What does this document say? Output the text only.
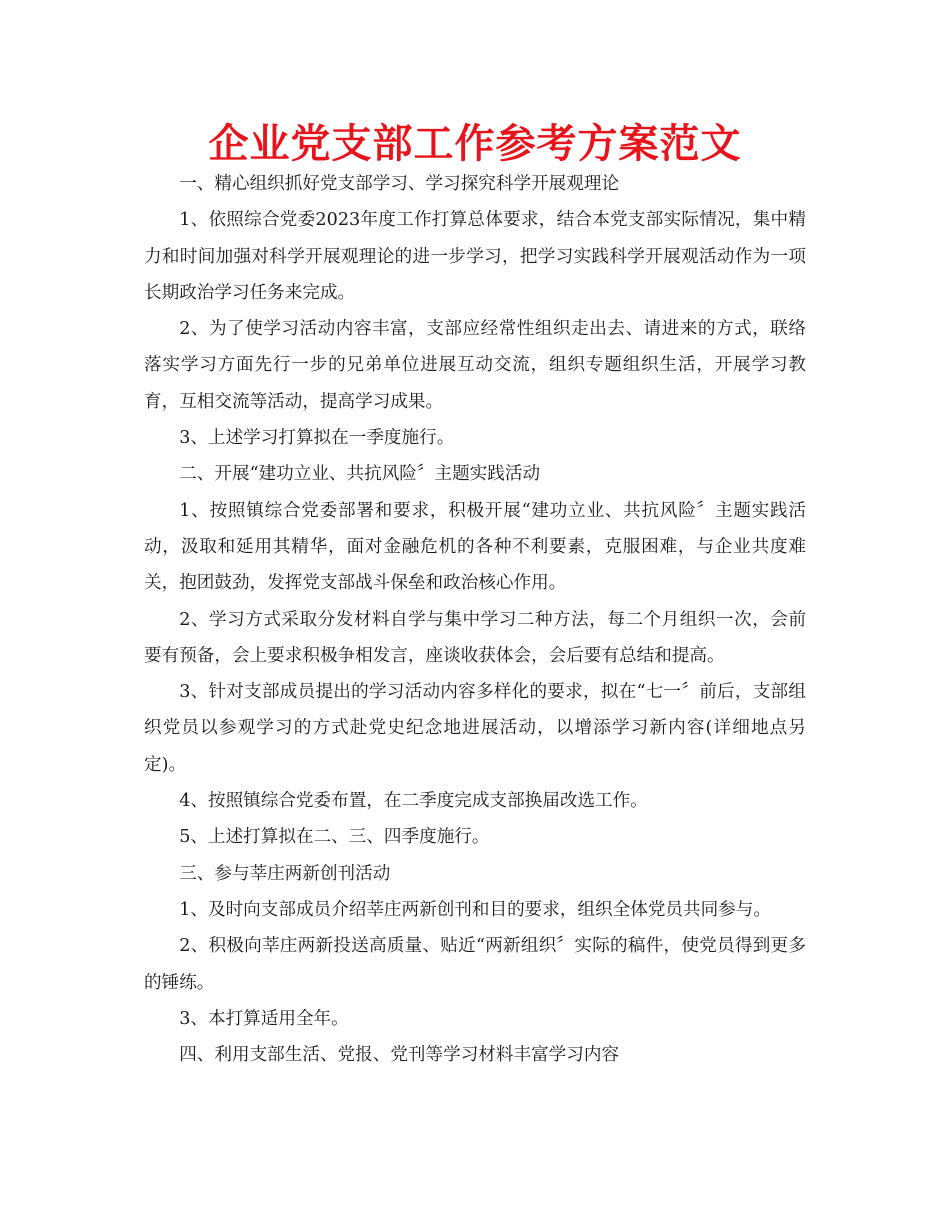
企业党支部工作参考方案范文

一、精心组织抓好党支部学习、学习探究科学开展观理论

1、依照综合党委2023年度工作打算总体要求，结合本党支部实际情况，集中精力和时间加强对科学开展观理论的进一步学习，把学习实践科学开展观活动作为一项长期政治学习任务来完成。

2、为了使学习活动内容丰富，支部应经常性组织走出去、请进来的方式，联络落实学习方面先行一步的兄弟单位进展互动交流，组织专题组织生活，开展学习教育，互相交流等活动，提高学习成果。

3、上述学习打算拟在一季度施行。

二、开展“建功立业、共抗风险〞主题实践活动

1、按照镇综合党委部署和要求，积极开展“建功立业、共抗风险〞主题实践活动，汲取和延用其精华，面对金融危机的各种不利要素，克服困难，与企业共度难关，抱团鼓劲，发挥党支部战斗保垒和政治核心作用。

2、学习方式采取分发材料自学与集中学习二种方法，每二个月组织一次，会前要有预备，会上要求积极争相发言，座谈收获体会，会后要有总结和提高。

3、针对支部成员提出的学习活动内容多样化的要求，拟在“七一〞前后，支部组织党员以参观学习的方式赴党史纪念地进展活动，以增添学习新内容(详细地点另定)。

4、按照镇综合党委布置，在二季度完成支部换届改选工作。

5、上述打算拟在二、三、四季度施行。

三、参与莘庄两新创刊活动

1、及时向支部成员介绍莘庄两新创刊和目的要求，组织全体党员共同参与。

2、积极向莘庄两新投送高质量、贴近“两新组织〞实际的稿件，使党员得到更多的锤练。

3、本打算适用全年。

四、利用支部生活、党报、党刊等学习材料丰富学习内容
